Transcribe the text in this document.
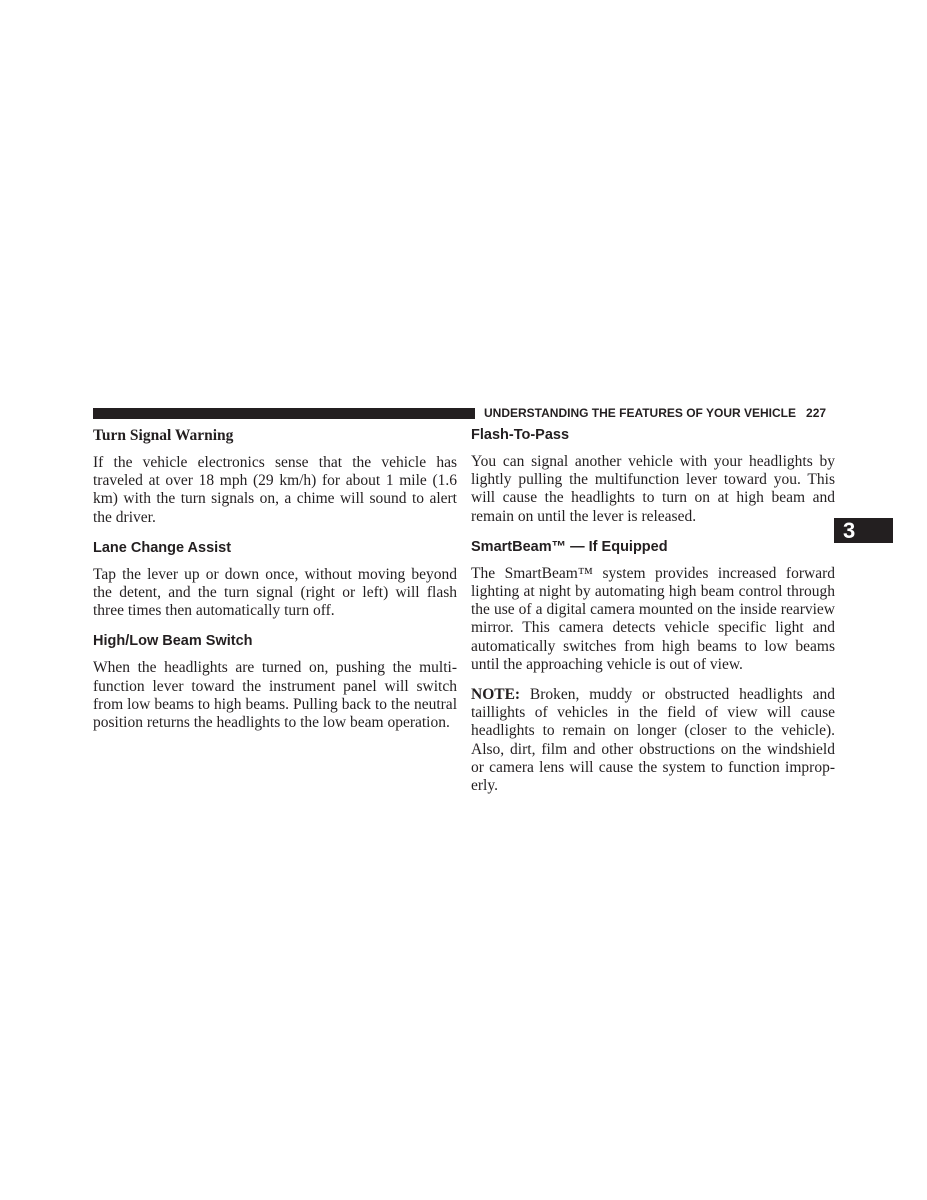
UNDERSTANDING THE FEATURES OF YOUR VEHICLE 227
3
Turn Signal Warning

If the vehicle electronics sense that the vehicle has traveled at over 18 mph (29 km/h) for about 1 mile (1.6 km) with the turn signals on, a chime will sound to alert the driver.

Lane Change Assist

Tap the lever up or down once, without moving beyond the detent, and the turn signal (right or left) will flash three times then automatically turn off.

High/Low Beam Switch

When the headlights are turned on, pushing the multifunction lever toward the instrument panel will switch from low beams to high beams. Pulling back to the neutral position returns the headlights to the low beam operation.

Flash-To-Pass

You can signal another vehicle with your headlights by lightly pulling the multifunction lever toward you. This will cause the headlights to turn on at high beam and remain on until the lever is released.

SmartBeam™ — If Equipped

The SmartBeam™ system provides increased forward lighting at night by automating high beam control through the use of a digital camera mounted on the inside rearview mirror. This camera detects vehicle specific light and automatically switches from high beams to low beams until the approaching vehicle is out of view.

NOTE: Broken, muddy or obstructed headlights and taillights of vehicles in the field of view will cause headlights to remain on longer (closer to the vehicle). Also, dirt, film and other obstructions on the windshield or camera lens will cause the system to function improperly.
